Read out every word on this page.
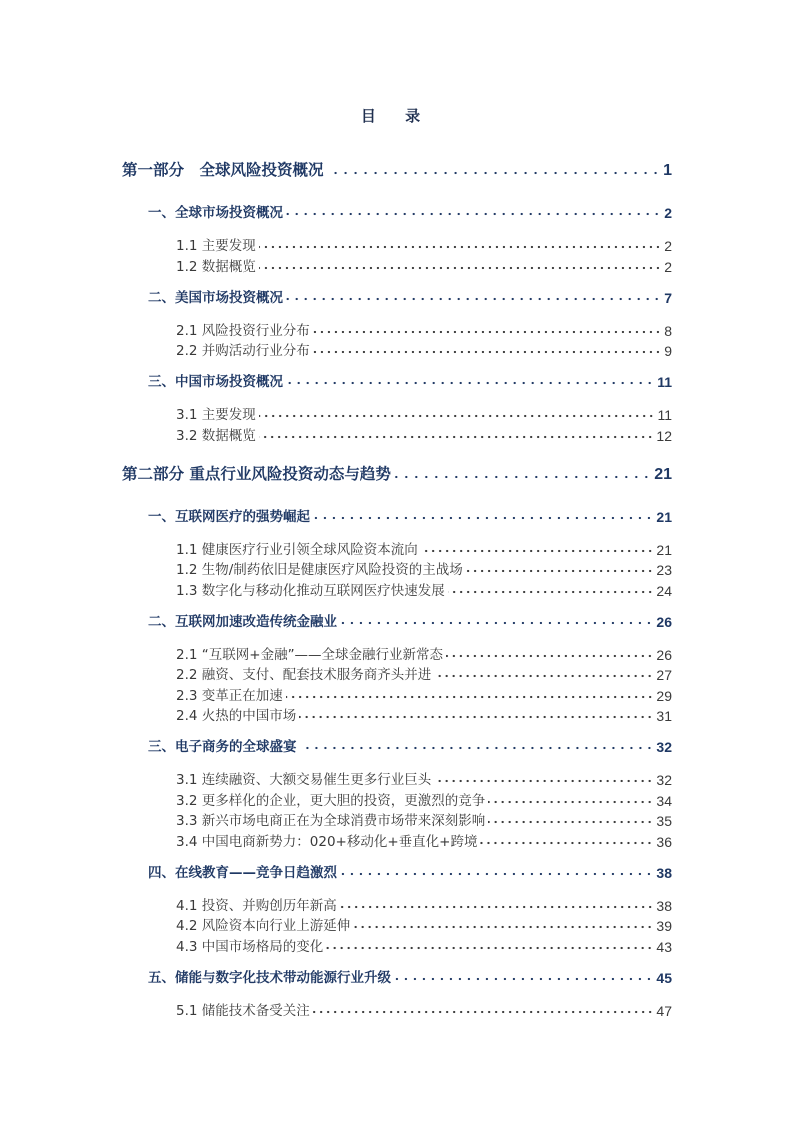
目 录
第一部分　全球风险投资概况	1
一、全球市场投资概况	2
1.1 主要发现	2
1.2 数据概览	2
二、美国市场投资概况	7
2.1 风险投资行业分布	8
2.2 并购活动行业分布	9
三、中国市场投资概况	11
3.1 主要发现	11
3.2 数据概览	12
第二部分 重点行业风险投资动态与趋势	21
一、互联网医疗的强势崛起	21
1.1 健康医疗行业引领全球风险资本流向	21
1.2 生物/制药依旧是健康医疗风险投资的主战场	23
1.3 数字化与移动化推动互联网医疗快速发展	24
二、互联网加速改造传统金融业	26
2.1 “互联网+金融”——全球金融行业新常态	26
2.2 融资、支付、配套技术服务商齐头并进	27
2.3 变革正在加速	29
2.4 火热的中国市场	31
三、电子商务的全球盛宴	32
3.1 连续融资、大额交易催生更多行业巨头	32
3.2 更多样化的企业，更大胆的投资，更激烈的竞争	34
3.3 新兴市场电商正在为全球消费市场带来深刻影响	35
3.4 中国电商新势力：020+移动化+垂直化+跨境	36
四、在线教育——竞争日趋激烈	38
4.1 投资、并购创历年新高	38
4.2 风险资本向行业上游延伸	39
4.3 中国市场格局的变化	43
五、储能与数字化技术带动能源行业升级	45
5.1 储能技术备受关注	47
